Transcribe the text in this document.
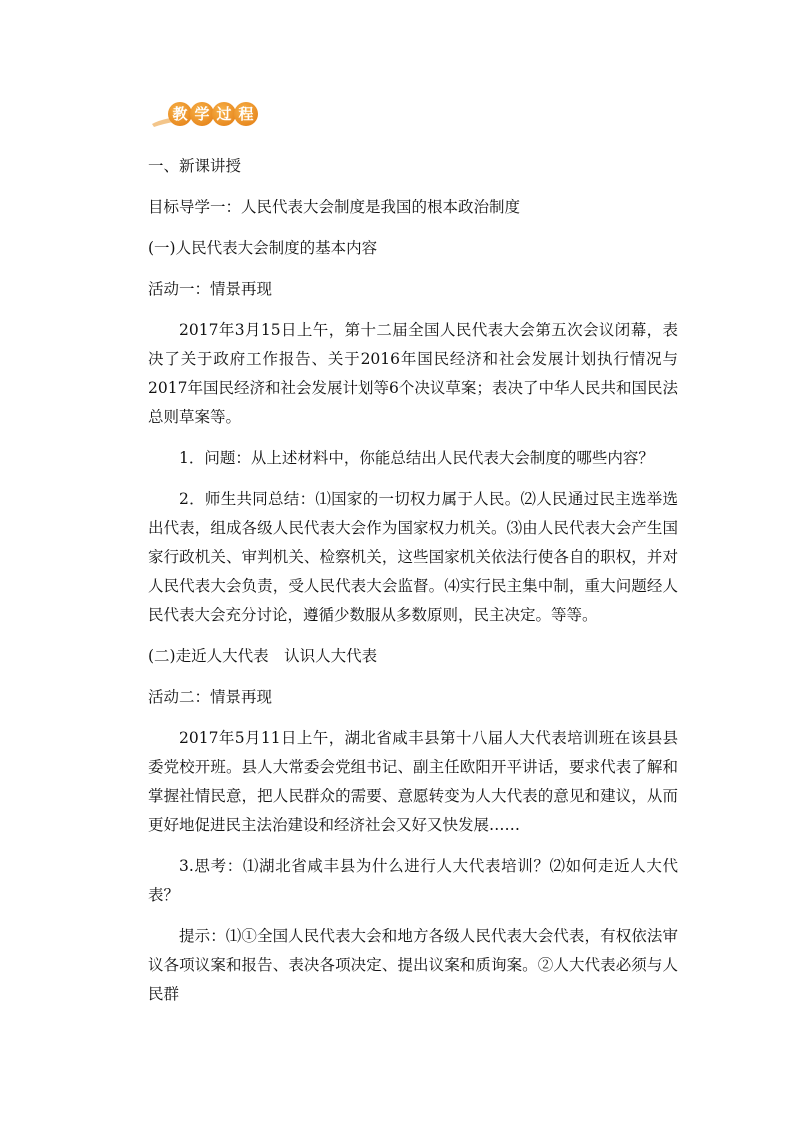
教 学 过 程

一、新课讲授

目标导学一：人民代表大会制度是我国的根本政治制度

(一)人民代表大会制度的基本内容

活动一：情景再现

2017年3月15日上午，第十二届全国人民代表大会第五次会议闭幕，表决了关于政府工作报告、关于2016年国民经济和社会发展计划执行情况与2017年国民经济和社会发展计划等6个决议草案；表决了中华人民共和国民法总则草案等。

1．问题：从上述材料中，你能总结出人民代表大会制度的哪些内容？

2．师生共同总结：⑴国家的一切权力属于人民。⑵人民通过民主选举选出代表，组成各级人民代表大会作为国家权力机关。⑶由人民代表大会产生国家行政机关、审判机关、检察机关，这些国家机关依法行使各自的职权，并对人民代表大会负责，受人民代表大会监督。⑷实行民主集中制，重大问题经人民代表大会充分讨论，遵循少数服从多数原则，民主决定。等等。

(二)走近人大代表　认识人大代表

活动二：情景再现

2017年5月11日上午，湖北省咸丰县第十八届人大代表培训班在该县县委党校开班。县人大常委会党组书记、副主任欧阳开平讲话，要求代表了解和掌握社情民意，把人民群众的需要、意愿转变为人大代表的意见和建议，从而更好地促进民主法治建设和经济社会又好又快发展……

3.思考：⑴湖北省咸丰县为什么进行人大代表培训？⑵如何走近人大代表？

提示：⑴①全国人民代表大会和地方各级人民代表大会代表，有权依法审议各项议案和报告、表决各项决定、提出议案和质询案。②人大代表必须与人民群
